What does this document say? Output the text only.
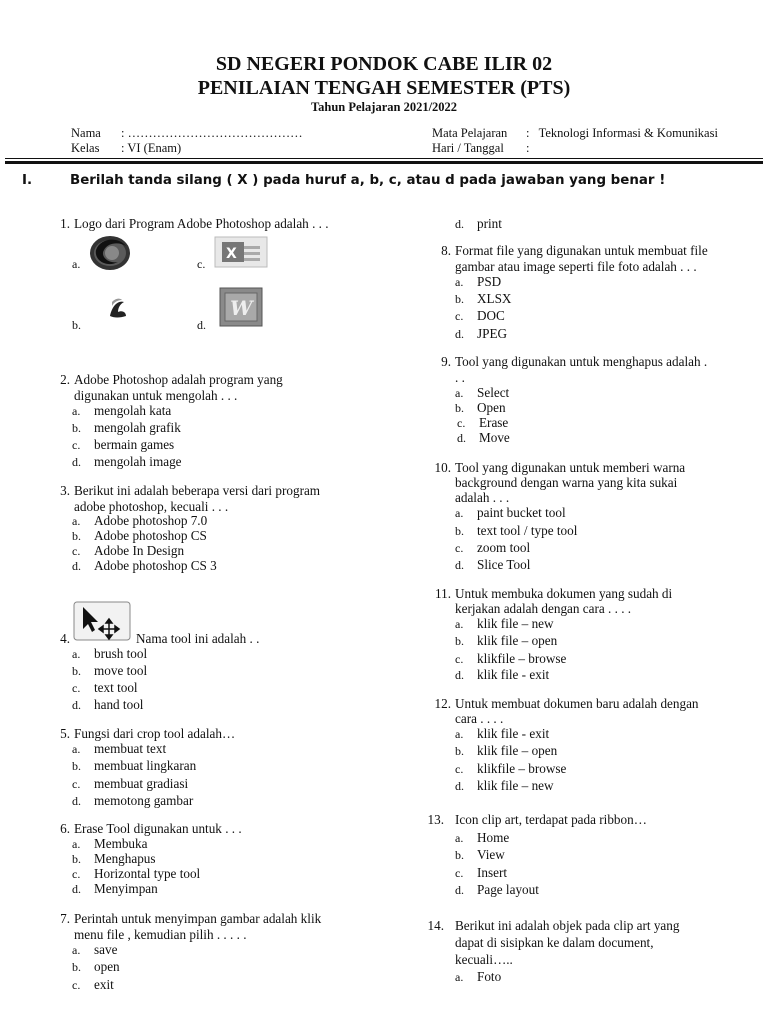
SD NEGERI PONDOK CABE ILIR 02
PENILAIAN TENGAH SEMESTER (PTS)
Tahun Pelajaran 2021/2022
Nama : ……………………………………
Kelas : VI (Enam)
Mata Pelajaran :   Teknologi Informasi & Komunikasi
Hari / Tanggal :
I.	Berilah tanda silang ( X ) pada huruf a, b, c, atau d pada jawaban yang benar !
1. Logo dari Program Adobe Photoshop adalah . . .
a.	c.
X
b.	d.
W
2. Adobe Photoshop adalah program yang
digunakan untuk mengolah . . .
a. mengolah kata
b. mengolah grafik
c. bermain games
d. mengolah image
3. Berikut ini adalah beberapa versi dari program
adobe photoshop, kecuali . . .
a. Adobe photoshop 7.0
b. Adobe photoshop CS
c. Adobe In Design
d. Adobe photoshop CS 3
4.	Nama tool ini adalah . .
a. brush tool
b. move tool
c. text tool
d. hand tool
5. Fungsi dari crop tool adalah…
a. membuat text
b. membuat lingkaran
c. membuat gradiasi
d. memotong gambar
6. Erase Tool digunakan untuk . . .
a. Membuka
b. Menghapus
c. Horizontal type tool
d. Menyimpan
7. Perintah untuk menyimpan gambar adalah klik
menu file , kemudian pilih . . . . .
a. save
b. open
c. exit
d. print
8. Format file yang digunakan untuk membuat file
gambar atau image seperti file foto adalah . . .
a. PSD
b. XLSX
c. DOC
d. JPEG
9. Tool yang digunakan untuk menghapus adalah .
. .
a. Select
b. Open
c. Erase
d. Move
10. Tool yang digunakan untuk memberi warna
background dengan warna yang kita sukai
adalah . . .
a. paint bucket tool
b. text tool / type tool
c. zoom tool
d. Slice Tool
11. Untuk membuka dokumen yang sudah di
kerjakan adalah dengan cara . . . .
a. klik file – new
b. klik file – open
c. klikfile – browse
d. klik file - exit
12. Untuk membuat dokumen baru adalah dengan
cara . . . .
a. klik file - exit
b. klik file – open
c. klikfile – browse
d. klik file – new
13. Icon clip art, terdapat pada ribbon…
a. Home
b. View
c. Insert
d. Page layout
14. Berikut ini adalah objek pada clip art yang
dapat di sisipkan ke dalam document,
kecuali…..
a. Foto
